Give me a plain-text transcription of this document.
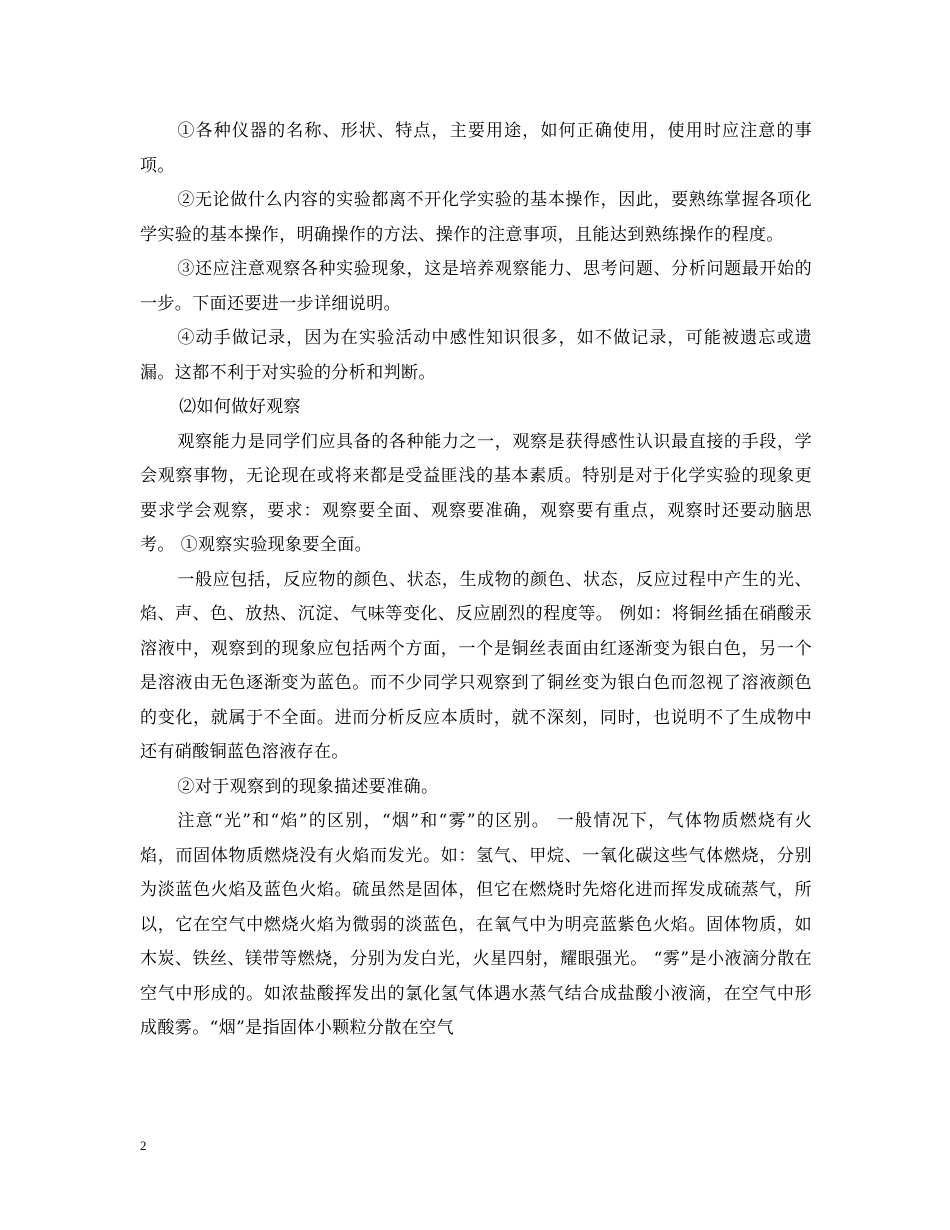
①各种仪器的名称、形状、特点，主要用途，如何正确使用，使用时应注意的事项。

②无论做什么内容的实验都离不开化学实验的基本操作，因此，要熟练掌握各项化学实验的基本操作，明确操作的方法、操作的注意事项，且能达到熟练操作的程度。

③还应注意观察各种实验现象，这是培养观察能力、思考问题、分析问题最开始的一步。下面还要进一步详细说明。

④动手做记录，因为在实验活动中感性知识很多，如不做记录，可能被遗忘或遗漏。这都不利于对实验的分析和判断。

⑵如何做好观察

观察能力是同学们应具备的各种能力之一，观察是获得感性认识最直接的手段，学会观察事物，无论现在或将来都是受益匪浅的基本素质。特别是对于化学实验的现象更要求学会观察，要求：观察要全面、观察要准确，观察要有重点，观察时还要动脑思考。 ①观察实验现象要全面。

一般应包括，反应物的颜色、状态，生成物的颜色、状态，反应过程中产生的光、焰、声、色、放热、沉淀、气味等变化、反应剧烈的程度等。 例如：将铜丝插在硝酸汞溶液中，观察到的现象应包括两个方面，一个是铜丝表面由红逐渐变为银白色，另一个是溶液由无色逐渐变为蓝色。而不少同学只观察到了铜丝变为银白色而忽视了溶液颜色的变化，就属于不全面。进而分析反应本质时，就不深刻，同时，也说明不了生成物中还有硝酸铜蓝色溶液存在。

②对于观察到的现象描述要准确。

注意“光”和“焰”的区别，“烟”和“雾”的区别。 一般情况下，气体物质燃烧有火焰，而固体物质燃烧没有火焰而发光。如：氢气、甲烷、一氧化碳这些气体燃烧，分别为淡蓝色火焰及蓝色火焰。硫虽然是固体，但它在燃烧时先熔化进而挥发成硫蒸气，所以，它在空气中燃烧火焰为微弱的淡蓝色，在氧气中为明亮蓝紫色火焰。固体物质，如木炭、铁丝、镁带等燃烧，分别为发白光，火星四射，耀眼强光。 “雾”是小液滴分散在空气中形成的。如浓盐酸挥发出的氯化氢气体遇水蒸气结合成盐酸小液滴，在空气中形成酸雾。“烟”是指固体小颗粒分散在空气

2
